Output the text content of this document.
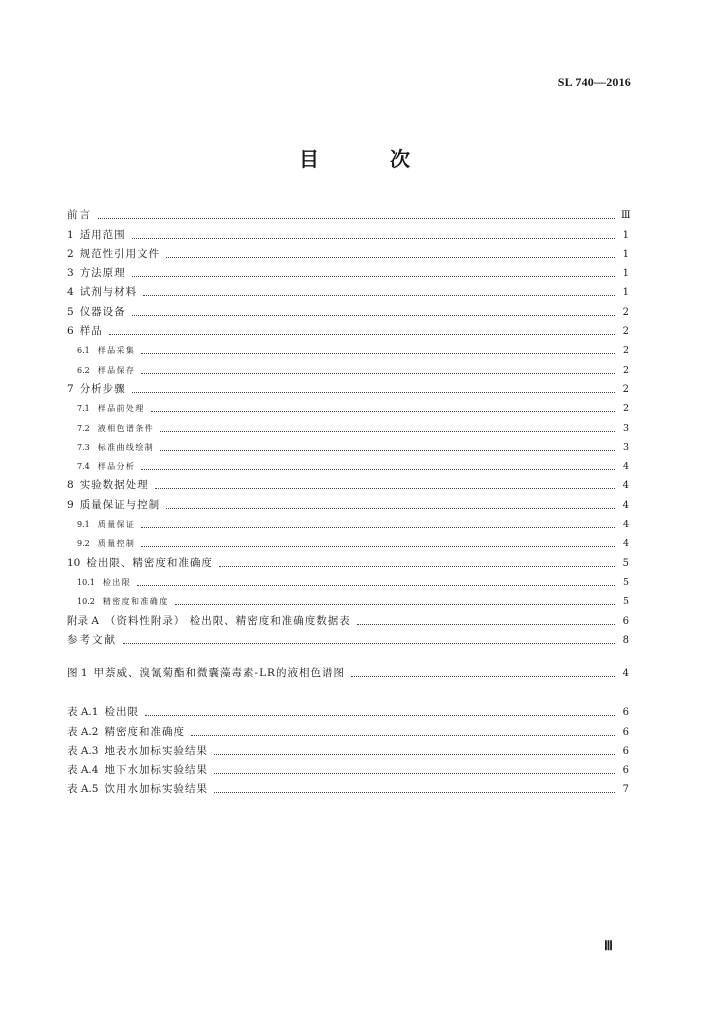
SL 740—2016
目 次
前言	Ⅲ
1 适用范围	1
2 规范性引用文件	1
3 方法原理	1
4 试剂与材料	1
5 仪器设备	2
6 样品	2
6.1 样品采集	2
6.2 样品保存	2
7 分析步骤	2
7.1 样品前处理	2
7.2 液相色谱条件	3
7.3 标准曲线绘制	3
7.4 样品分析	4
8 实验数据处理	4
9 质量保证与控制	4
9.1 质量保证	4
9.2 质量控制	4
10 检出限、精密度和准确度	5
10.1 检出限	5
10.2 精密度和准确度	5
附录 A （资料性附录） 检出限、精密度和准确度数据表	6
参考文献	8
图 1 甲萘威、溴氰菊酯和微囊藻毒素-LR的液相色谱图	4
表 A.1 检出限	6
表 A.2 精密度和准确度	6
表 A.3 地表水加标实验结果	6
表 A.4 地下水加标实验结果	6
表 A.5 饮用水加标实验结果	7
Ⅲ
